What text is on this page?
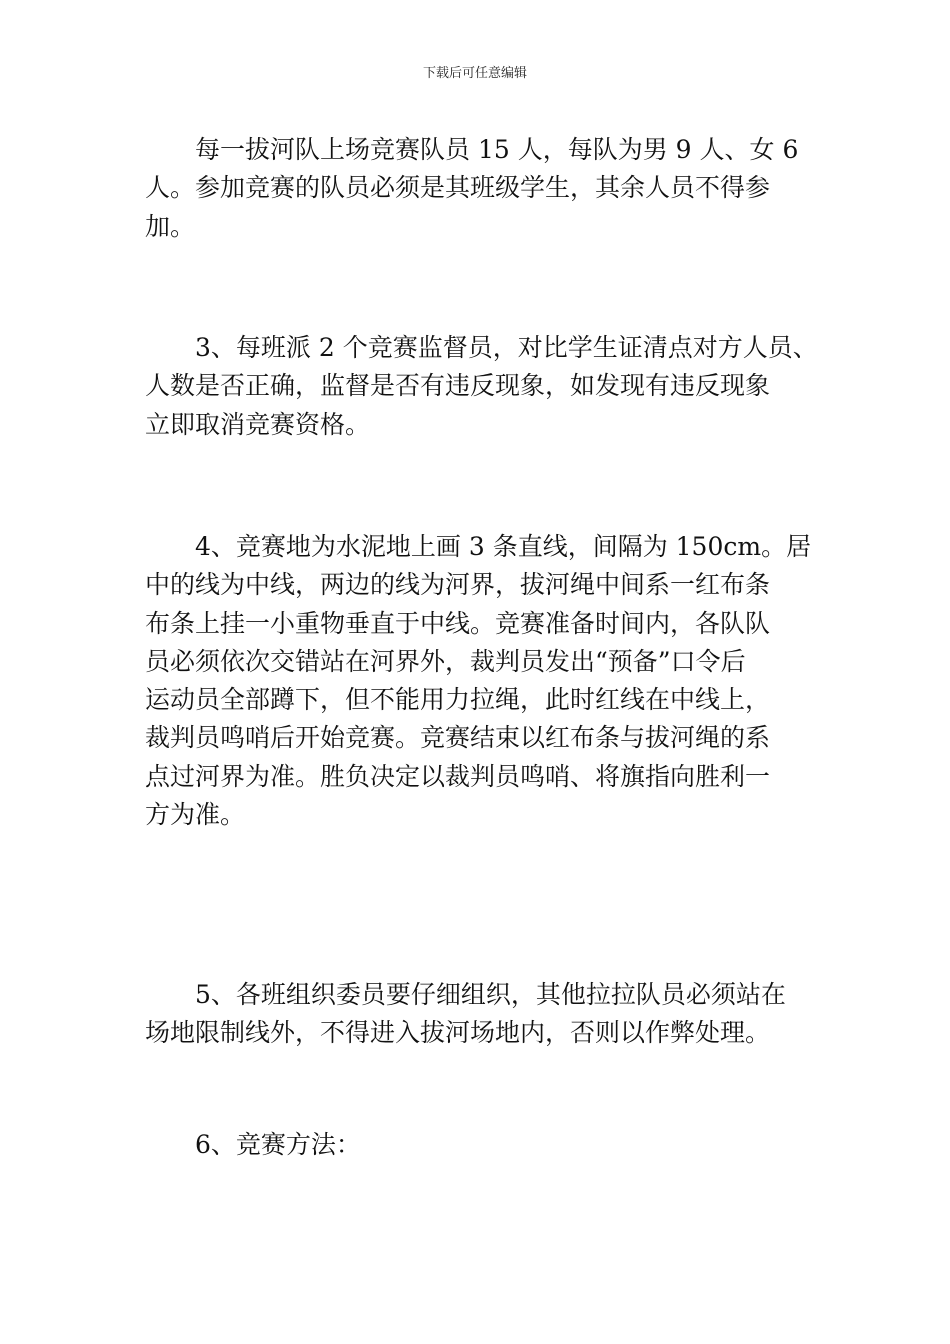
下载后可任意编辑
每一拔河队上场竞赛队员 15 人，每队为男 9 人、女 6
人。参加竞赛的队员必须是其班级学生，其余人员不得参
加。
3、每班派 2 个竞赛监督员，对比学生证清点对方人员、
人数是否正确，监督是否有违反现象，如发现有违反现象
立即取消竞赛资格。
4、竞赛地为水泥地上画 3 条直线，间隔为 150cm。居
中的线为中线，两边的线为河界，拔河绳中间系一红布条
布条上挂一小重物垂直于中线。竞赛准备时间内，各队队
员必须依次交错站在河界外，裁判员发出“预备”口令后
运动员全部蹲下，但不能用力拉绳，此时红线在中线上，
裁判员鸣哨后开始竞赛。竞赛结束以红布条与拔河绳的系
点过河界为准。胜负决定以裁判员鸣哨、将旗指向胜利一
方为准。
5、各班组织委员要仔细组织，其他拉拉队员必须站在
场地限制线外，不得进入拔河场地内，否则以作弊处理。
6、竞赛方法：
